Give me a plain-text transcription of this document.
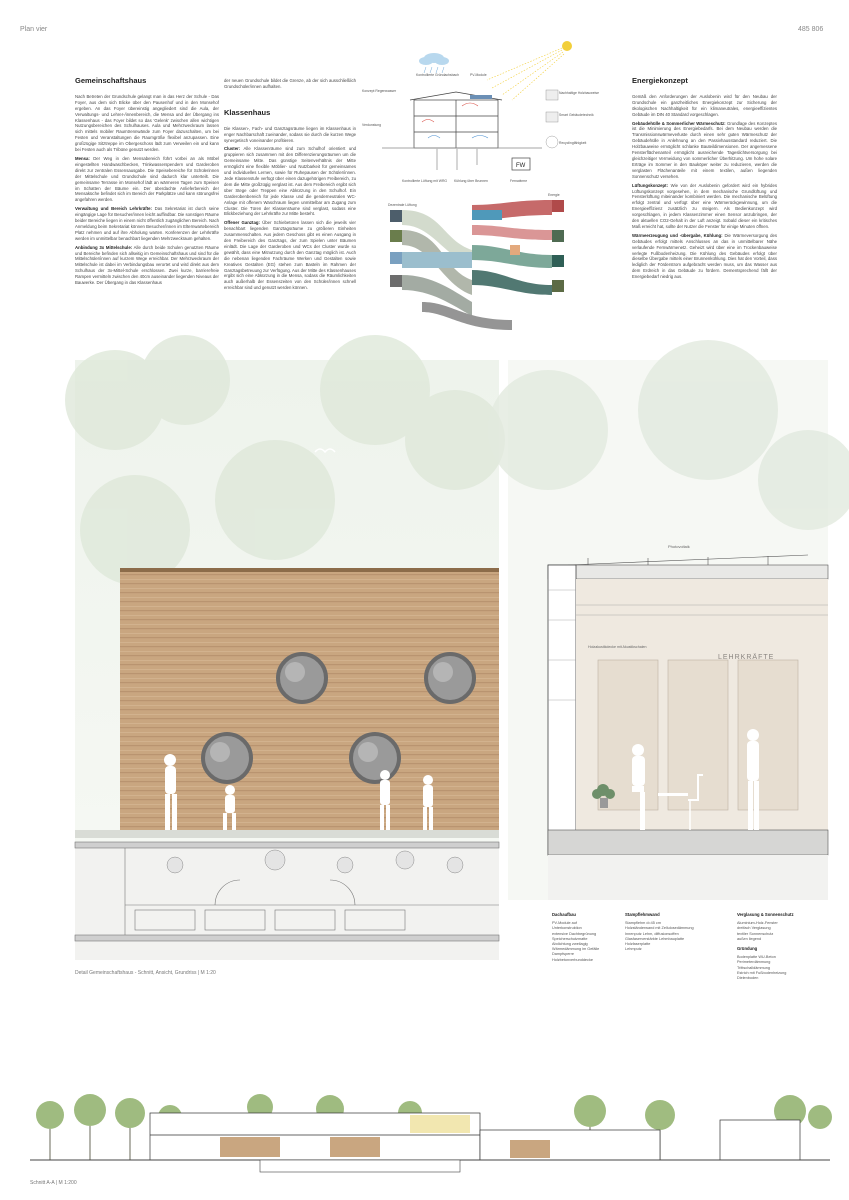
Plan vier	485 806
Gemeinschaftshaus

Nach Betreten der Grundschule gelangt man in das Herz der Schule - Das Foyer, aus dem sich Blicke über den Pausenhof und in den Monsehof ergeben. An das Foyer übereinstig angegliedert sind die Aula, der Verwaltungs- und Lehrer-/innenbereich, die Mensa und der Übergang ins Klassenhaus - das Foyer bildet so das 'Gelenk' zwischen allen wichtigen Nutzungsbereichen des Schulhauses. Aula und Mehrzweckraum lassen sich mittels mobiler Raumtrennwände zum Foyer dazuschalten, um bei Festen und Veranstaltungen die Raumgröße flexibel anzupassen. Eine großzügige Sitztreppe im Obergeschoss lädt zum Verweilen ein und kann bei Festen auch als Tribüne genutzt werden.

Mensa: Der Weg in den Mensabereich führt vorbei an als Möbel eingestellten Handwaschbecken, Trinkwasserspendern und Garderoben direkt zur zentralen Essensausgabe. Die Speisebereiche für Schülerinnen der Mittelschule und Grundschule sind dadurch klar unterteilt. Die gemeinsame Terrasse im Monsehof lädt an wärmeren Tagen zum Speisen im Schatten der Bäume ein. Der überdachte Anlieferbereich der Mensaküche befindet sich im Bereich der Parkplätze und kann störungsfrei angefahren werden.

Verwaltung und Bereich Lehrkräfte: Das Sekretariat ist durch seine eingängige Lage für Besucher/innen leicht auffindbar. Die sonstigen Räume beider Bereiche liegen in einem nicht öffentlich zugänglichen Bereich. Nach Anmeldung beim Sekretariat können Besucher/innen im Elternwartebereich Platz nehmen und auf ihre Abholung warten. Konferenzen der Lehrkräfte werden im unmittelbar benachbart liegenden Mehrzweckraum gehalten.

Anbindung 3x Mittelschule: Alle durch beide Schulen genutzten Räume und Bereiche befinden sich allseitig im Gemeinschaftshaus und sind für die Mittelschüler/innen auf kurzem Wege erreichbar. Der Mehrzweckraum der Mittelschule ist dabei im Verbindungsbau verortet und wird direkt aus dem Schulhaus der 3x-Mittel-Schule erschlossen. Zwei kurze, barrierefreie Rampen vermitteln zwischen den 40cm auseinander liegenden Niveaus der Bauwerke. Der Übergang in das Klassenhaus

der neuen Grundschule bildet die Grenze, ab der sich ausschließlich Grundschüler/innen aufhalten.

Klassenhaus

Die Klassen-, Fach- und Ganztagsräume liegen im Klassenhaus in enger Nachbarschaft zueinander, sodass sie durch die kurzen Wege synergetisch voneinander profitieren.

Cluster: Alle Klassenräume sind zum Schulhof orientiert und gruppieren sich zusammen mit den Differenzierungsräumen um die Gemeinsame Mitte. Das günstige Seitenverhältnis der Mitte ermöglicht eine flexible Möblier- und Nutzbarkeit für gemeinsames und individuelles Lernen, sowie für Ruhepausen der Schüler/innen. Jede Klassenstufe verfügt über einen dazugehörigen Freibereich, zu dem die Mitte großzügig verglast ist. Aus dem Freibereich ergibt sich über Stege oder Treppen eine Abkürzung in den Schulhof. Ein Garderobenbereich für jede Klasse und die genderneutralen WC-Anlage mit offenem Waschraum liegen unmittelbar am Zugang zum Cluster. Die Türen der Klassenräume sind verglast, sodass eine Blickbeziehung der Lehrkräfte zur Mitte besteht.

Offener Ganztag: Über Schiebetüren lassen sich die jeweils vier benachbart liegenden Ganztagsräume zu größeren Einheiten zusammenschalten. Aus jedem Geschoss gibt es einen Ausgang in den Freibereich des Ganztags, der zum Spielen unter Bäumen einlädt. Die Lage der Garderoben und WCs der Cluster wurde so gewählt, dass eine Mitnutzung durch den Ganztag möglich ist. Auch die nebenan liegenden Fachräume Werken und Gestalten sowie Kreatives Gestalten (EG) stehen zum Basteln im Rahmen der Ganztagsbetreuung zur Verfügung. Aus der Mitte des Klassenhauses ergibt sich eine Abkürzung in die Mensa, sodass die Räumlichkeiten auch außerhalb der Essenszeiten von den Schüler/innen schnell erreichbar sind und genutzt werden können.

Energiekonzept

Gemäß den Anforderungen der Auslobenin wird für den Neubau der Grundschule ein ganzheitliches Energiekonzept zur Sicherung der ökologischen Nachhaltigkeit für ein klimaneutrales, energieeffizientes Gebäude im DIN 40 Standard vorgeschlagen.

Gebäudehülle & Sommerlicher Wärmeschutz: Grundlage des Konzeptes ist die Minimierung des Energiebedarfs. Bei dem Neubau werden die Transmissionswärmeverluste durch einen sehr guten Wärmeschutz der Gebäudehülle in Anlehnung an den Passivhausstandard reduziert. Die Holzbauweise ermöglicht schlanke Bauteildimensionen. Der angemessene Fensterflächenanteil ermöglicht ausreichende Tageslichtversorgung bei gleichzeitiger Vermeidung von sommerlicher Überhitzung. Um hohe solare Erträge im Sommer in den Bauköper weiter zu reduzieren, werden die verglasten Flächenanteile mit einem textilen, außen liegenden Sonnenschutz versehen.

Lüftungskonzept: Wie von der Auslobenin gefordert wird ein hybrides Lüftungskonzept vorgesehen, in dem mechanische Grundlüftung und Fensterlüftung miteinander kombiniert werden. Die mechanische Belüftung erfolgt zentral und verfügt über eine Wärmerückgewinnung, um die Energieeffizienz zusätzlich zu steigern. Als Bedienkonzept wird vorgeschlagen, in jedem Klassenzimmer einen Sensor anzubringen, der den aktuellen CO2-Gehalt in der Luft anzeigt. Sobald dieser ein kritisches Maß erreicht hat, sollte der Nutzer die Fenster für einige Minuten öffnen.

Wärmeerzeugung und -übergabe, Kühlung: Die Wärmeversorgung des Gebäudes erfolgt mittels Anschlusses an das in unmittelbarer Nähe verlaufende Fernwärmenetz. Geheizt wird über eine im Trockenbauweise verlegte Fußbodenheizung. Die Kühlung des Gebäudes erfolgt über dieselbe Übergabe mittels einer Brunnenkühlung. Dies hat den Vorteil, dass lediglich der Förderstrom aufgebracht werden muss, um das Wasser aus dem Erdreich in das Gebäude zu fördern. Dementsprechend fällt der Energiebedarf niedrig aus.

FW
Kontrollierte Gründachsbach	PV-Module
Konzept Regenwasser
Verdunstung
Nachhaltige Holzbauweise
Smart Gebäudetechnik
Recyclingfähigkeit
Kontrollierte Lüftung mit WRG Kühlung über Brunnen	Fernwärme
Dezentrale Lüftung
Energie
Detail Gemeinschaftshaus - Schnitt, Ansicht, Grundriss | M 1:20
LEHRKRÄFTE
Photovoltaik
Holzakustikdecke mit Akustikschalen
Dachaufbau
PV-Module auf Unterkonstruktion
extensive Dachbegrünung
Speicherschutzmatte
Abdichtung zweilagig
Wärmedämmung im Gefälle
Dampfsperre
Holzbetonverbunddecke
Stampflehmwand
Stampflehm d=45 cm
Holzständerwand mit Zellulosedämmung
Innenputz Lehm, diffusionsoffen
Glasfaserverstärkte Lehmbauplatte
Holzfaserplatte
Lehmputz
Verglasung & Sonnenschutz
Aluminium-Holz-Fenster
dreifach Verglasung
textiler Sonnenschutz
außen liegend
Gründung
Bodenplatte WU-Beton
Perimeterdämmung
Trittschalldämmung
Estrich mit Fußbodenheizung
Dielenboden
Schnitt A-A | M 1:200
